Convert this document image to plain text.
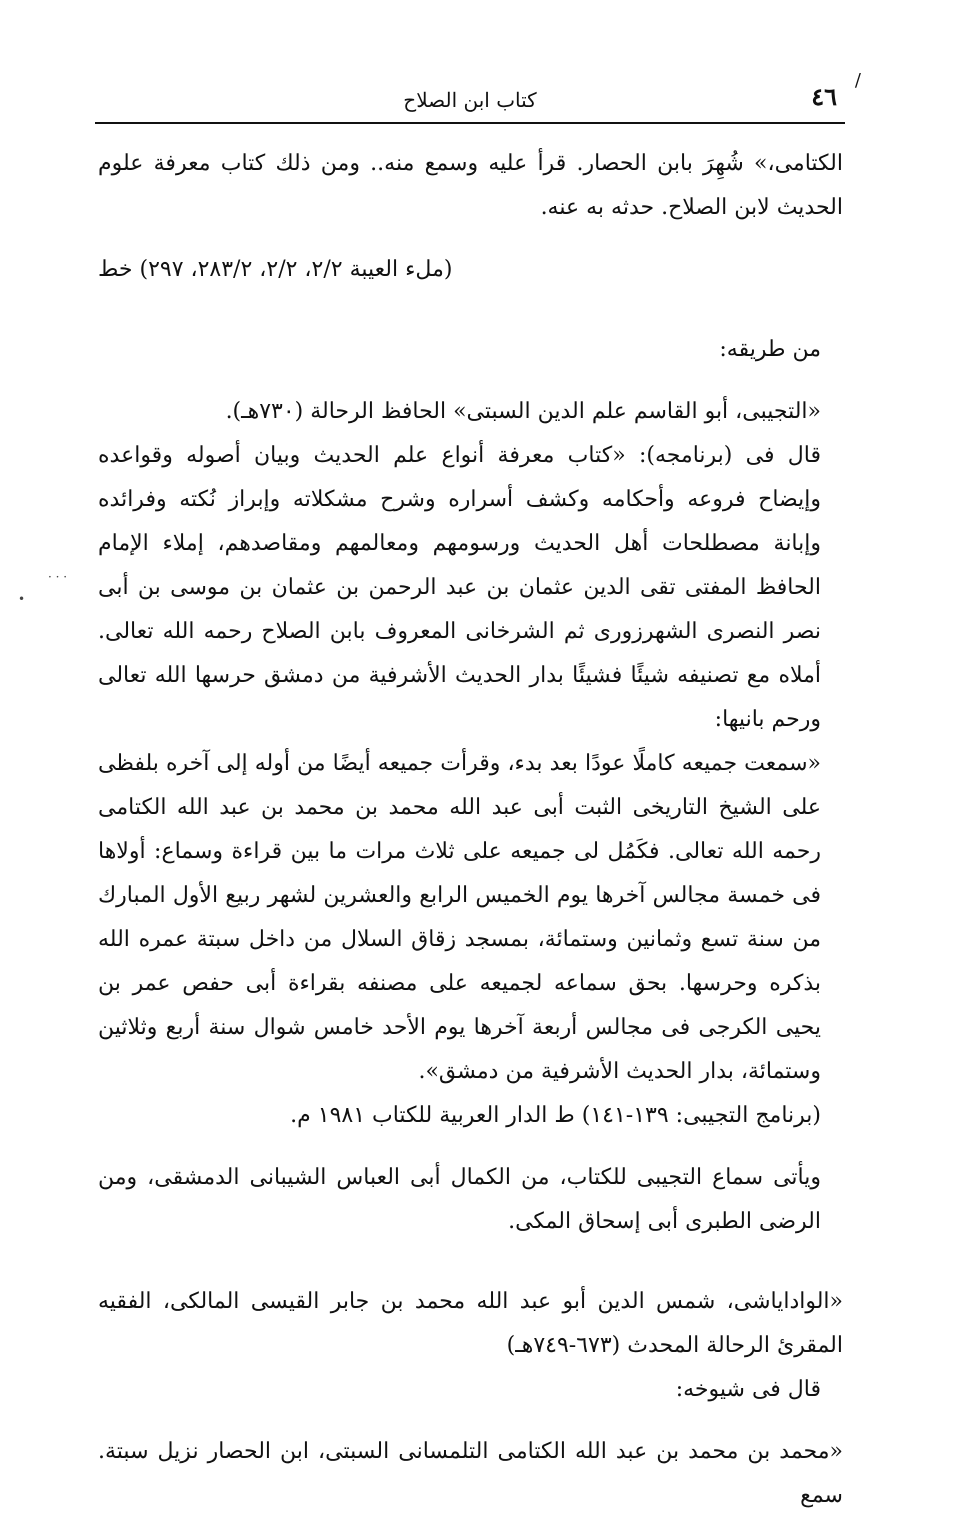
/
٤٦
كتاب ابن الصلاح

الكتامى،» شُهِرَ بابن الحصار. قرأ عليه وسمع منه.. ومن ذلك كتاب معرفة علوم الحديث لابن الصلاح. حدثه به عنه.

(ملء العيبة ٢/٢، ٢/٢، ٢٨٣/٢، ٢٩٧) خط

من طريقه:

«التجيبى، أبو القاسم علم الدين السبتى» الحافظ الرحالة (٧٣٠هـ).

قال فى (برنامجه): «كتاب معرفة أنواع علم الحديث وبيان أصوله وقواعده وإيضاح فروعه وأحكامه وكشف أسراره وشرح مشكلاته وإبراز نُكته وفرائده وإبانة مصطلحات أهل الحديث ورسومهم ومعالمهم ومقاصدهم، إملاء الإمام الحافظ المفتى تقى الدين عثمان بن عبد الرحمن بن عثمان بن موسى بن أبى نصر النصرى الشهرزورى ثم الشرخانى المعروف بابن الصلاح رحمه الله تعالى. أملاه مع تصنيفه شيئًا فشيئًا بدار الحديث الأشرفية من دمشق حرسها الله تعالى ورحم بانيها:

«سمعت جميعه كاملًا عودًا بعد بدء، وقرأت جميعه أيضًا من أوله إلى آخره بلفظى على الشيخ التاريخى الثبت أبى عبد الله محمد بن محمد بن عبد الله الكتامى رحمه الله تعالى. فكَمُل لى جميعه على ثلاث مرات ما بين قراءة وسماع: أولاها فى خمسة مجالس آخرها يوم الخميس الرابع والعشرين لشهر ربيع الأول المبارك من سنة تسع وثمانين وستمائة، بمسجد زقاق السلال من داخل سبتة عمره الله بذكره وحرسها. بحق سماعه لجميعه على مصنفه بقراءة أبى حفص عمر بن يحيى الكرجى فى مجالس أربعة آخرها يوم الأحد خامس شوال سنة أربع وثلاثين وستمائة، بدار الحديث الأشرفية من دمشق».

(برنامج التجيبى: ١٣٩-١٤١) ط الدار العربية للكتاب ١٩٨١ م.

ويأتى سماع التجيبى للكتاب، من الكمال أبى العباس الشيبانى الدمشقى، ومن الرضى الطبرى أبى إسحاق المكى.

«الواداياشى، شمس الدين أبو عبد الله محمد بن جابر القيسى المالكى، الفقيه المقرئ الرحالة المحدث (٦٧٣-٧٤٩هـ)

قال فى شيوخه:

«محمد بن محمد بن عبد الله الكتامى التلمسانى السبتى، ابن الحصار نزيل سبتة. سمع

· · ·
•
